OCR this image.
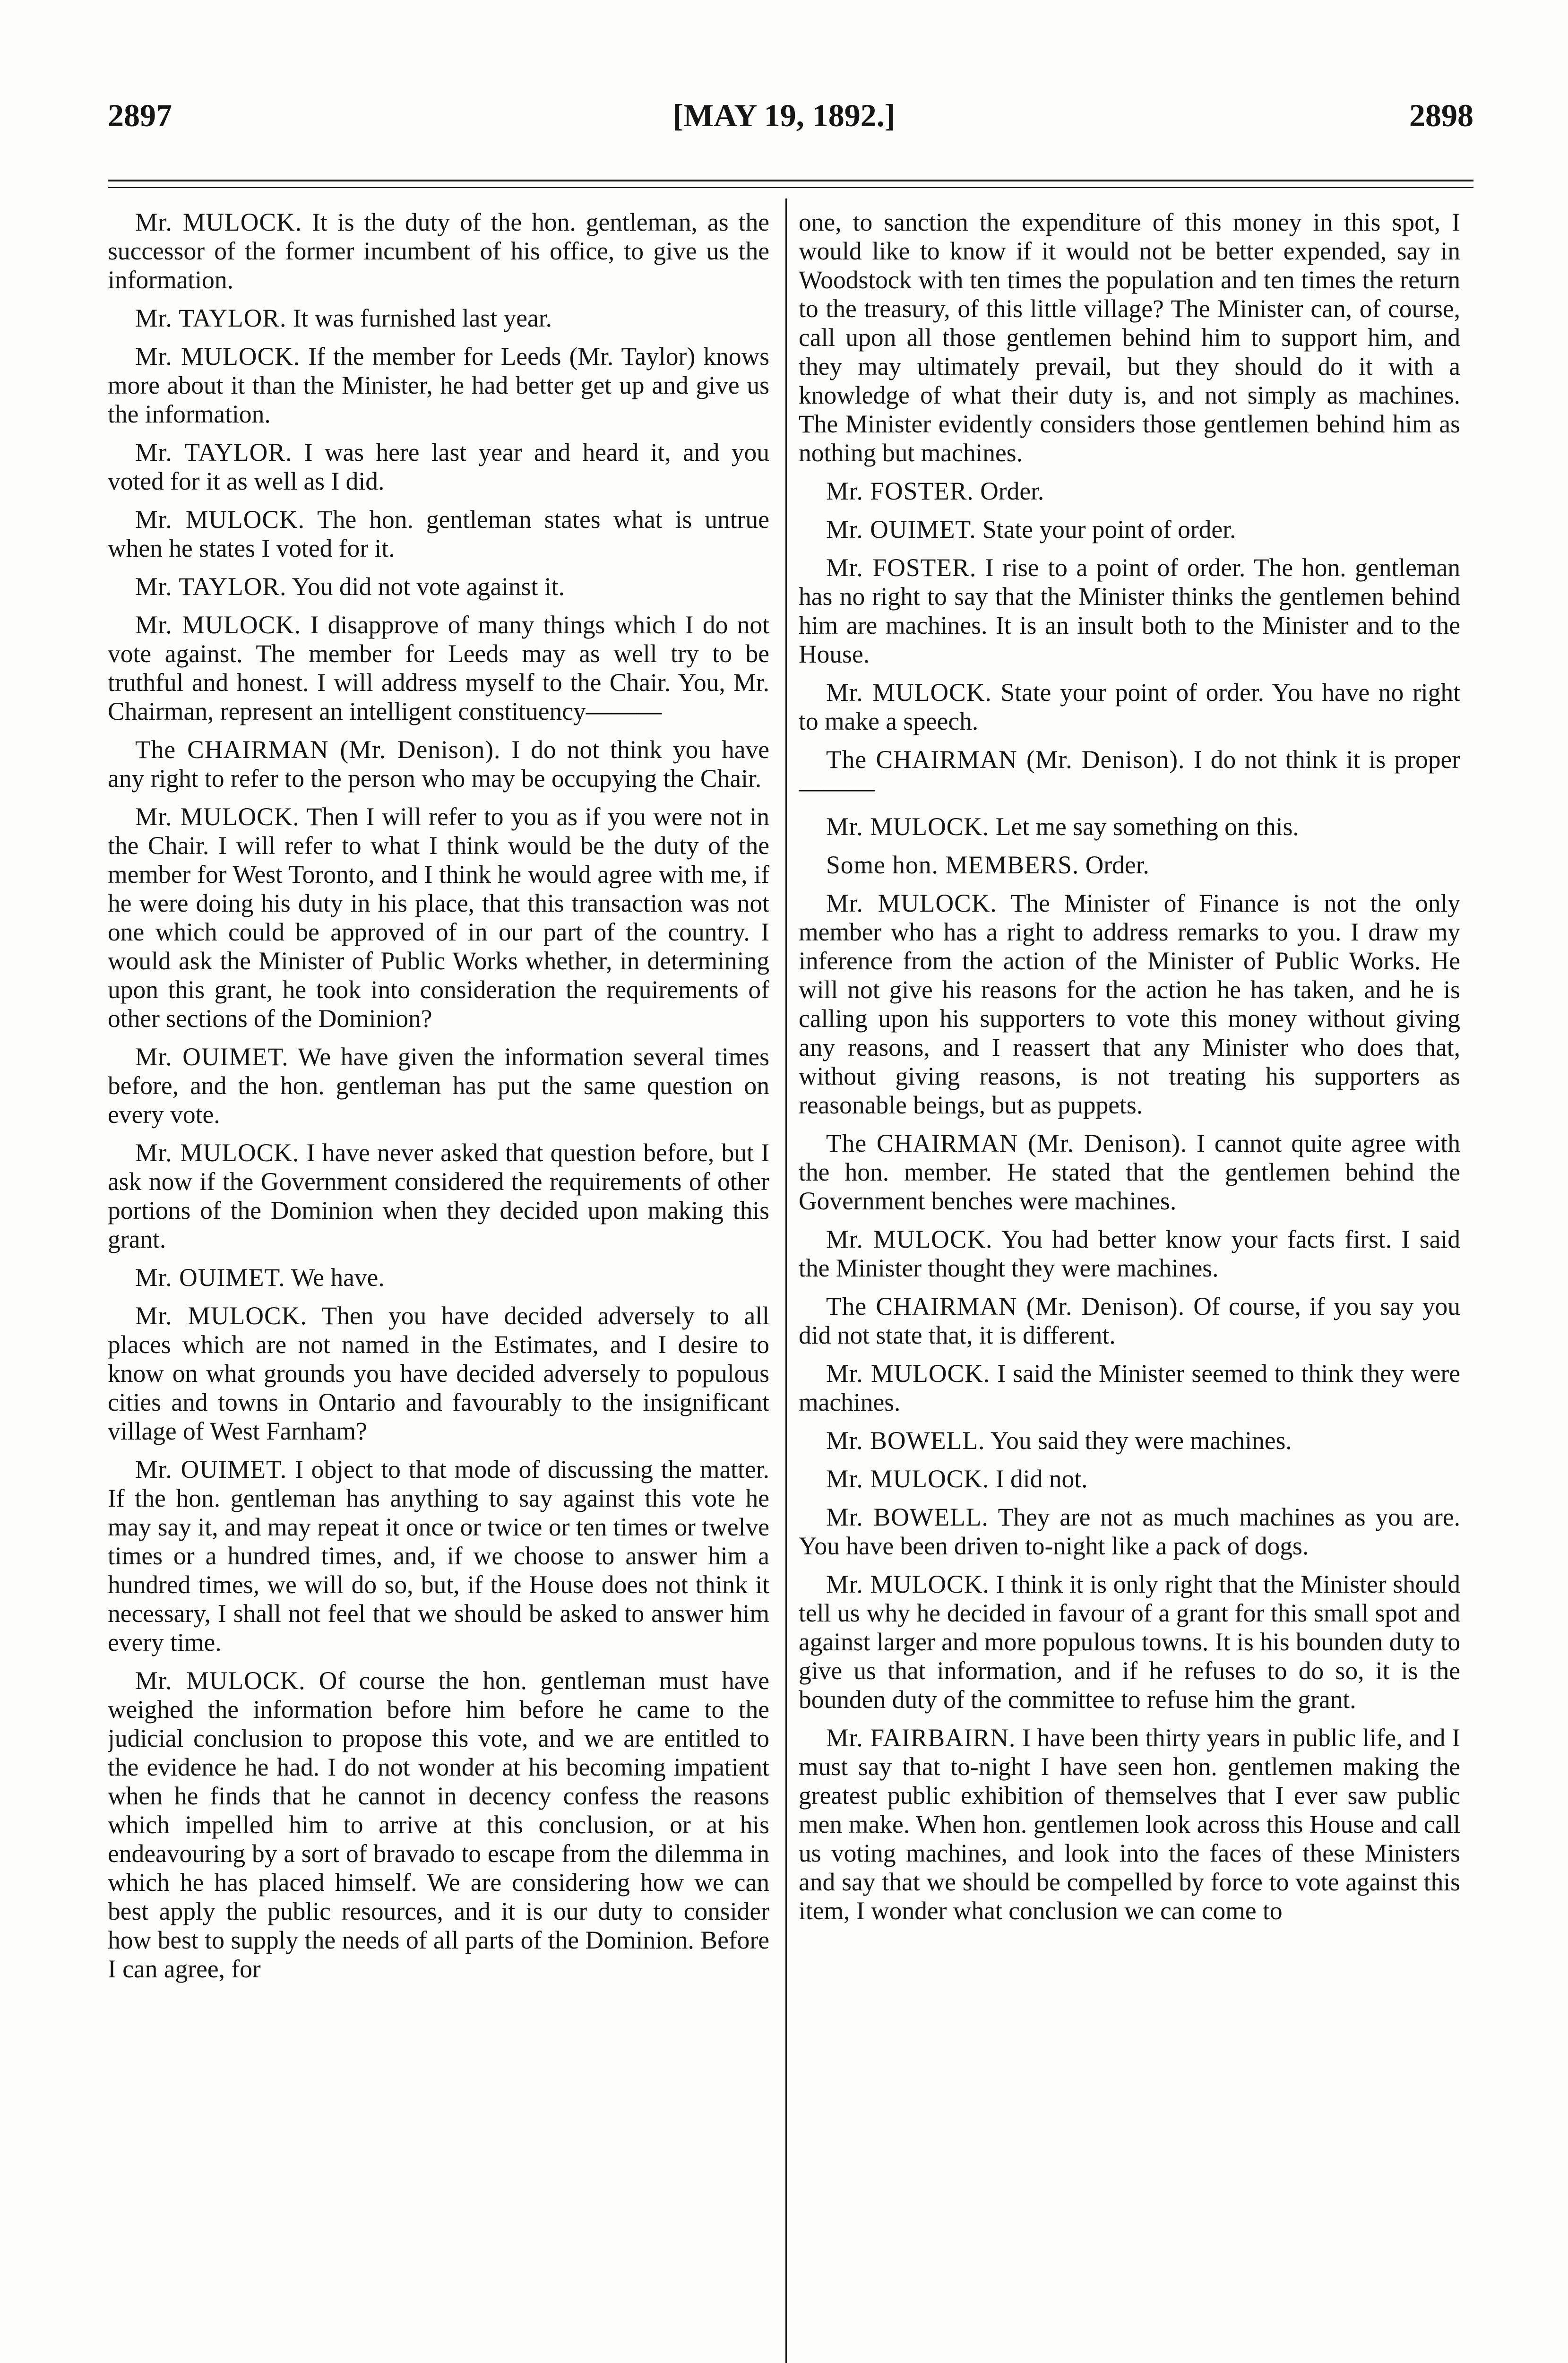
2897	[MAY 19, 1892.]	2898

Mr. MULOCK. It is the duty of the hon. gentleman, as the successor of the former incumbent of his office, to give us the information.

Mr. TAYLOR. It was furnished last year.

Mr. MULOCK. If the member for Leeds (Mr. Taylor) knows more about it than the Minister, he had better get up and give us the information.

Mr. TAYLOR. I was here last year and heard it, and you voted for it as well as I did.

Mr. MULOCK. The hon. gentleman states what is untrue when he states I voted for it.

Mr. TAYLOR. You did not vote against it.

Mr. MULOCK. I disapprove of many things which I do not vote against. The member for Leeds may as well try to be truthful and honest. I will address myself to the Chair. You, Mr. Chairman, represent an intelligent constituency———

The CHAIRMAN (Mr. Denison). I do not think you have any right to refer to the person who may be occupying the Chair.

Mr. MULOCK. Then I will refer to you as if you were not in the Chair. I will refer to what I think would be the duty of the member for West Toronto, and I think he would agree with me, if he were doing his duty in his place, that this transaction was not one which could be approved of in our part of the country. I would ask the Minister of Public Works whether, in determining upon this grant, he took into consideration the requirements of other sections of the Dominion?

Mr. OUIMET. We have given the information several times before, and the hon. gentleman has put the same question on every vote.

Mr. MULOCK. I have never asked that question before, but I ask now if the Government considered the requirements of other portions of the Dominion when they decided upon making this grant.

Mr. OUIMET. We have.

Mr. MULOCK. Then you have decided adversely to all places which are not named in the Estimates, and I desire to know on what grounds you have decided adversely to populous cities and towns in Ontario and favourably to the insignificant village of West Farnham?

Mr. OUIMET. I object to that mode of discussing the matter. If the hon. gentleman has anything to say against this vote he may say it, and may repeat it once or twice or ten times or twelve times or a hundred times, and, if we choose to answer him a hundred times, we will do so, but, if the House does not think it necessary, I shall not feel that we should be asked to answer him every time.

Mr. MULOCK. Of course the hon. gentleman must have weighed the information before him before he came to the judicial conclusion to propose this vote, and we are entitled to the evidence he had. I do not wonder at his becoming impatient when he finds that he cannot in decency confess the reasons which impelled him to arrive at this conclusion, or at his endeavouring by a sort of bravado to escape from the dilemma in which he has placed himself. We are considering how we can best apply the public resources, and it is our duty to consider how best to supply the needs of all parts of the Dominion. Before I can agree, for

one, to sanction the expenditure of this money in this spot, I would like to know if it would not be better expended, say in Woodstock with ten times the population and ten times the return to the treasury, of this little village? The Minister can, of course, call upon all those gentlemen behind him to support him, and they may ultimately prevail, but they should do it with a knowledge of what their duty is, and not simply as machines. The Minister evidently considers those gentlemen behind him as nothing but machines.

Mr. FOSTER. Order.

Mr. OUIMET. State your point of order.

Mr. FOSTER. I rise to a point of order. The hon. gentleman has no right to say that the Minister thinks the gentlemen behind him are machines. It is an insult both to the Minister and to the House.

Mr. MULOCK. State your point of order. You have no right to make a speech.

The CHAIRMAN (Mr. Denison). I do not think it is proper———

Mr. MULOCK. Let me say something on this.

Some hon. MEMBERS. Order.

Mr. MULOCK. The Minister of Finance is not the only member who has a right to address remarks to you. I draw my inference from the action of the Minister of Public Works. He will not give his reasons for the action he has taken, and he is calling upon his supporters to vote this money without giving any reasons, and I reassert that any Minister who does that, without giving reasons, is not treating his supporters as reasonable beings, but as puppets.

The CHAIRMAN (Mr. Denison). I cannot quite agree with the hon. member. He stated that the gentlemen behind the Government benches were machines.

Mr. MULOCK. You had better know your facts first. I said the Minister thought they were machines.

The CHAIRMAN (Mr. Denison). Of course, if you say you did not state that, it is different.

Mr. MULOCK. I said the Minister seemed to think they were machines.

Mr. BOWELL. You said they were machines.

Mr. MULOCK. I did not.

Mr. BOWELL. They are not as much machines as you are. You have been driven to-night like a pack of dogs.

Mr. MULOCK. I think it is only right that the Minister should tell us why he decided in favour of a grant for this small spot and against larger and more populous towns. It is his bounden duty to give us that information, and if he refuses to do so, it is the bounden duty of the committee to refuse him the grant.

Mr. FAIRBAIRN. I have been thirty years in public life, and I must say that to-night I have seen hon. gentlemen making the greatest public exhibition of themselves that I ever saw public men make. When hon. gentlemen look across this House and call us voting machines, and look into the faces of these Ministers and say that we should be compelled by force to vote against this item, I wonder what conclusion we can come to
